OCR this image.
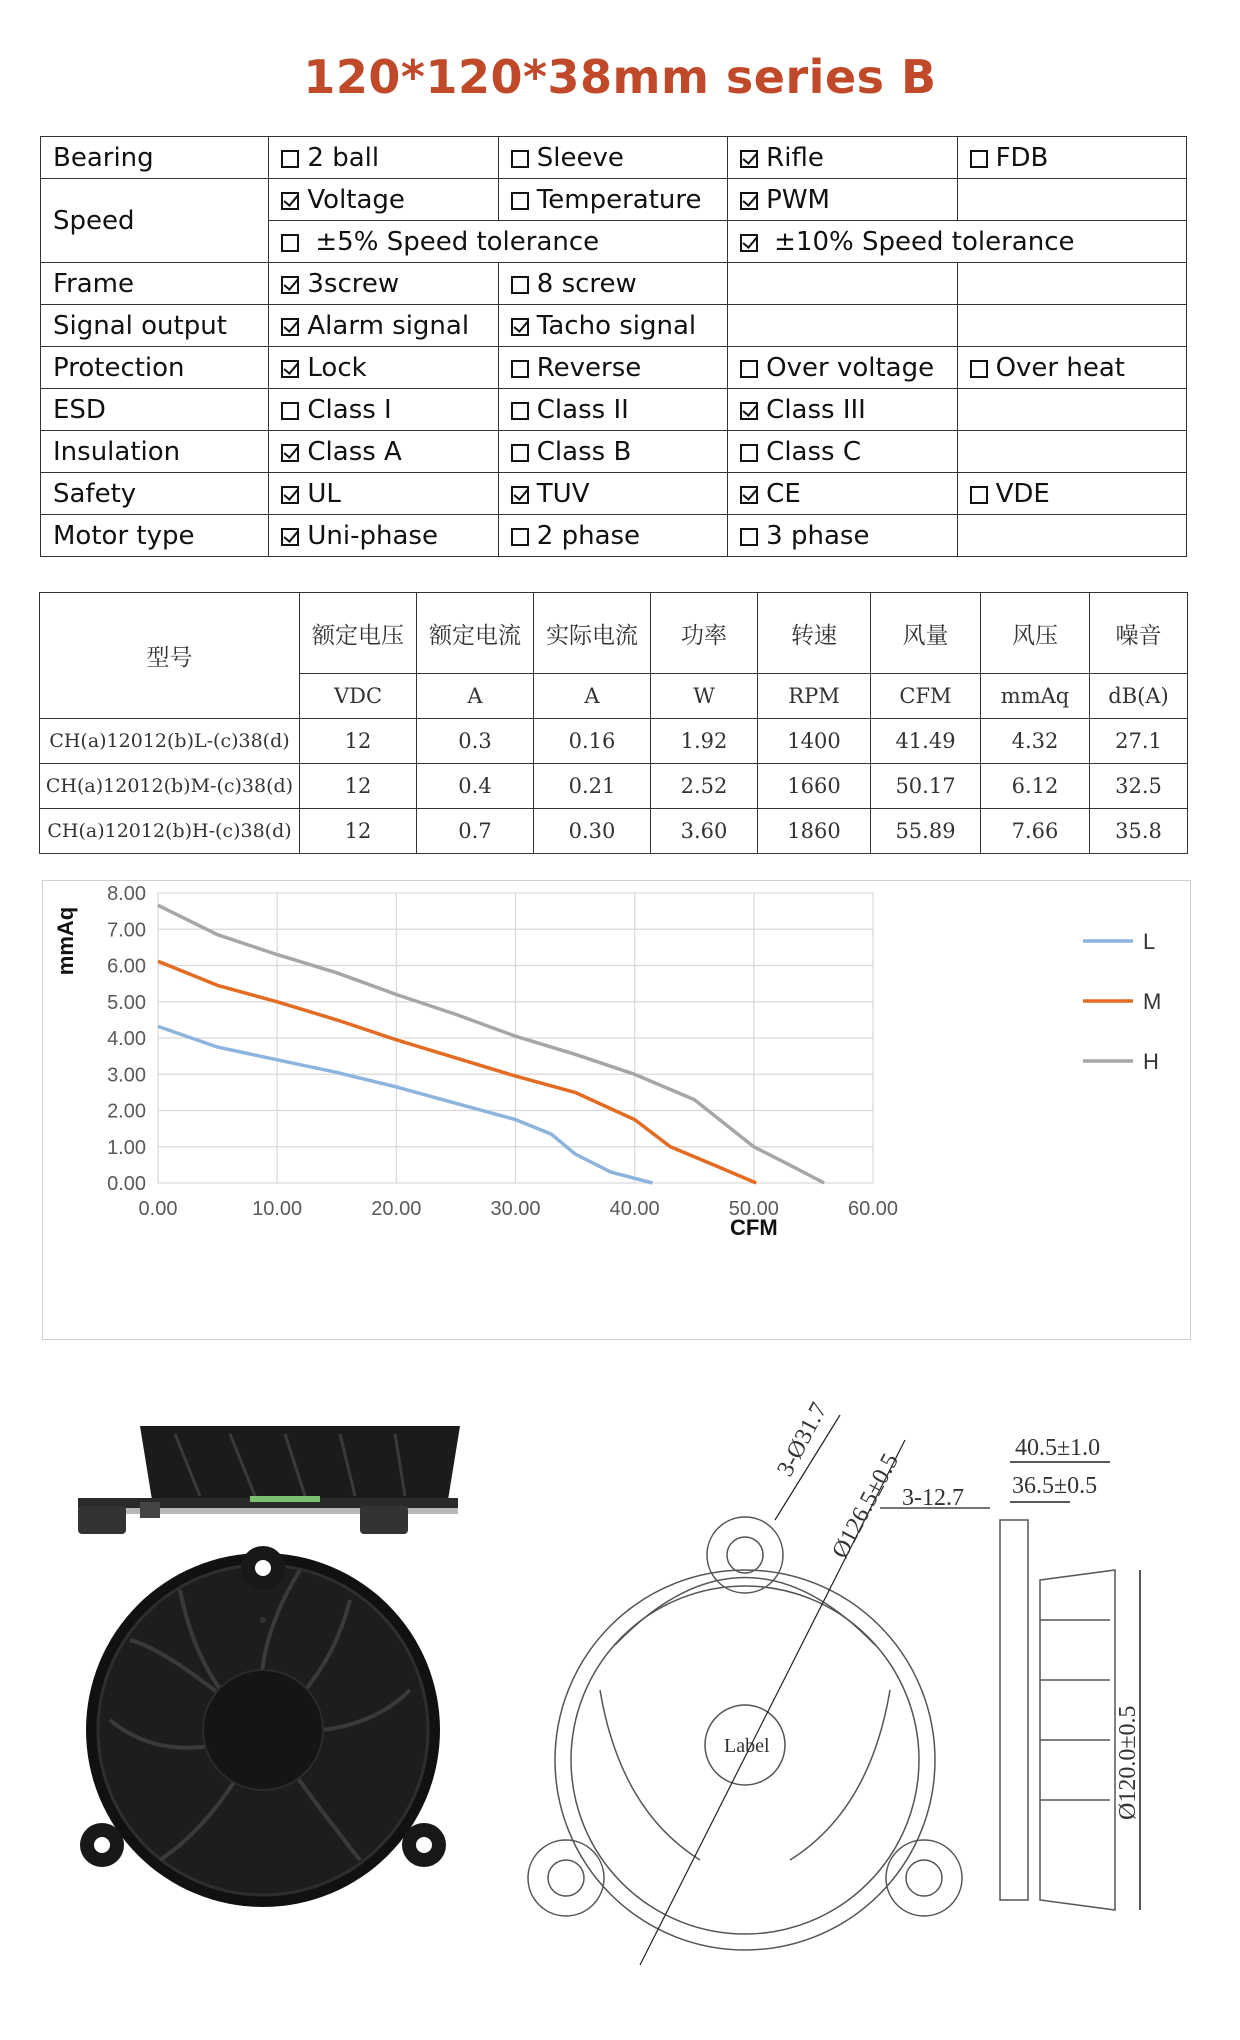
120*120*38mm series B
Bearing	2 ball	Sleeve	Rifle	FDB
Speed	Voltage	Temperature	PWM	
	±5% Speed tolerance		±10% Speed tolerance	
Frame	3screw	8 screw		
Signal output	Alarm signal	Tacho signal		
Protection	Lock	Reverse	Over voltage	Over heat
ESD	Class I	Class II	Class III	
Insulation	Class A	Class B	Class C	
Safety	UL	TUV	CE	VDE
Motor type	Uni-phase	2 phase	3 phase	
型号	额定电压	额定电流	实际电流	功率	转速	风量	风压	噪音
	VDC	A	A	W	RPM	CFM	mmAq	dB(A)
CH(a)12012(b)L-(c)38(d)	12	0.3	0.16	1.92	1400	41.49	4.32	27.1
CH(a)12012(b)M-(c)38(d)	12	0.4	0.21	2.52	1660	50.17	6.12	32.5
CH(a)12012(b)H-(c)38(d)	12	0.7	0.30	3.60	1860	55.89	7.66	35.8
0.00
1.00
2.00
3.00
4.00
5.00
6.00
7.00
8.00
0.00	10.00	20.00	30.00	40.00	50.00	60.00
mmAq
CFM
L
M
H
3-Ø31.7
Ø126.5±0.5
3-12.7
40.5±1.0
36.5±0.5
Ø120.0±0.5
Label
